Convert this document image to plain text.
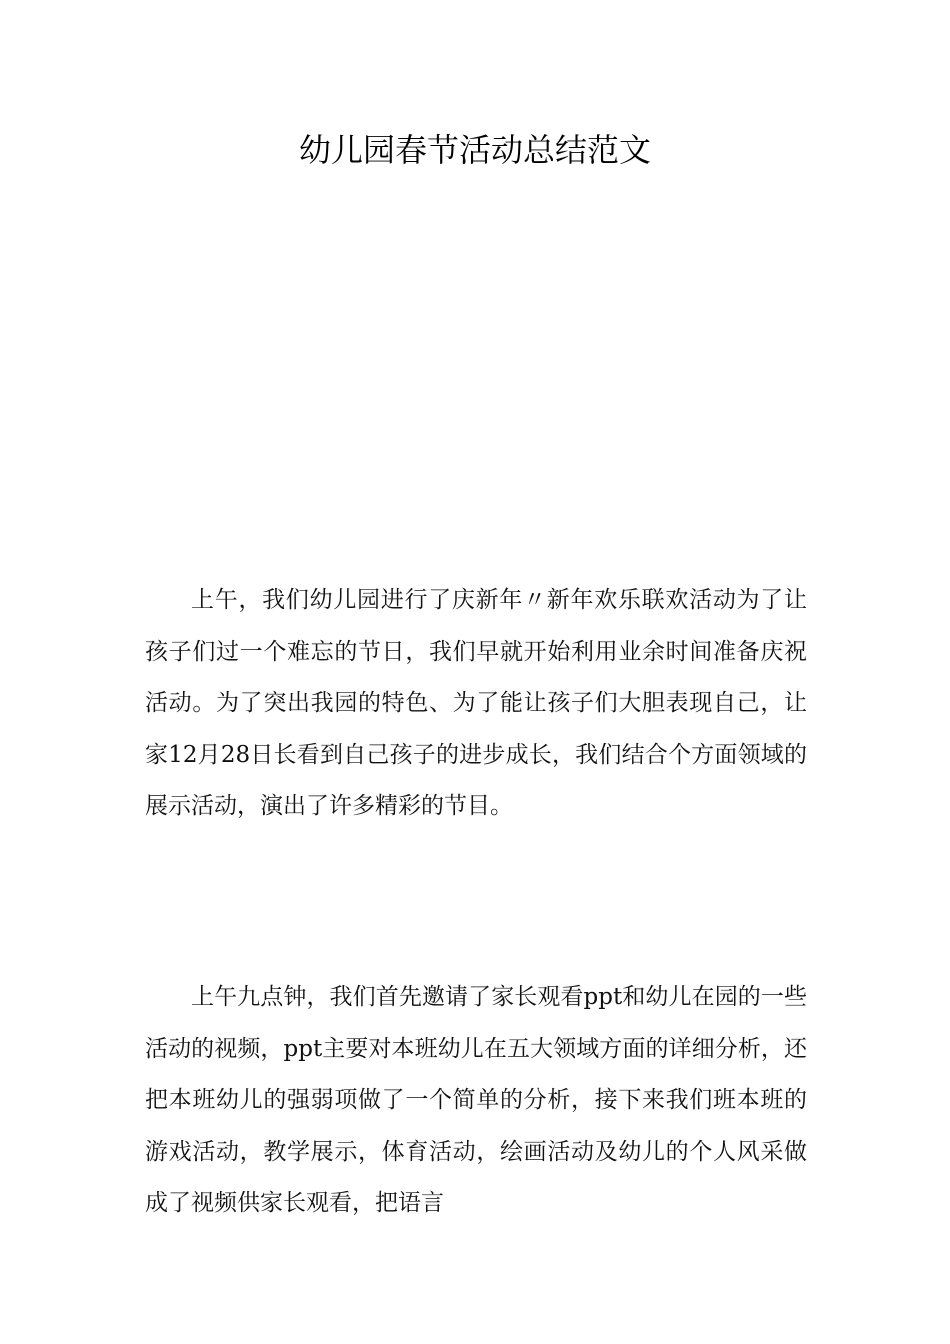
幼儿园春节活动总结范文

上午，我们幼儿园进行了庆新年〃新年欢乐联欢活动为了让孩子们过一个难忘的节日，我们早就开始利用业余时间准备庆祝活动。为了突出我园的特色、为了能让孩子们大胆表现自己，让家12月28日长看到自己孩子的进步成长，我们结合个方面领域的展示活动，演出了许多精彩的节目。

上午九点钟，我们首先邀请了家长观看ppt和幼儿在园的一些活动的视频，ppt主要对本班幼儿在五大领域方面的详细分析，还把本班幼儿的强弱项做了一个简单的分析，接下来我们班本班的游戏活动，教学展示，体育活动，绘画活动及幼儿的个人风采做成了视频供家长观看，把语言
